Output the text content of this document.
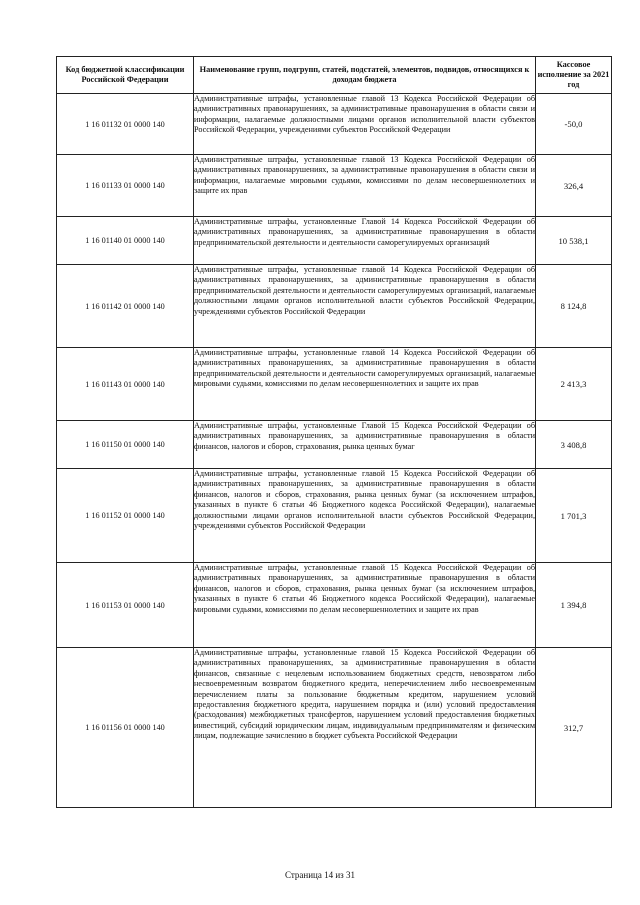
Код бюджетной классификации Российской Федерации	Наименование групп, подгрупп, статей, подстатей, элементов, подвидов, относящихся к доходам бюджета	Кассовое исполнение за 2021 год
1 16 01132 01 0000 140	Административные штрафы, установленные главой 13 Кодекса Российской Федерации об административных правонарушениях, за административные правонарушения в области связи и информации, налагаемые должностными лицами органов исполнительной власти субъектов Российской Федерации, учреждениями субъектов Российской Федерации	-50,0
1 16 01133 01 0000 140	Административные штрафы, установленные главой 13 Кодекса Российской Федерации об административных правонарушениях, за административные правонарушения в области связи и информации, налагаемые мировыми судьями, комиссиями по делам несовершеннолетних и защите их прав	326,4
1 16 01140 01 0000 140	Административные штрафы, установленные Главой 14 Кодекса Российской Федерации об административных правонарушениях, за административные правонарушения в области предпринимательской деятельности и деятельности саморегулируемых организаций	10 538,1
1 16 01142 01 0000 140	Административные штрафы, установленные главой 14 Кодекса Российской Федерации об административных правонарушениях, за административные правонарушения в области предпринимательской деятельности и деятельности саморегулируемых организаций, налагаемые должностными лицами органов исполнительной власти субъектов Российской Федерации, учреждениями субъектов Российской Федерации	8 124,8
1 16 01143 01 0000 140	Административные штрафы, установленные главой 14 Кодекса Российской Федерации об административных правонарушениях, за административные правонарушения в области предпринимательской деятельности и деятельности саморегулируемых организаций, налагаемые мировыми судьями, комиссиями по делам несовершеннолетних и защите их прав	2 413,3
1 16 01150 01 0000 140	Административные штрафы, установленные Главой 15 Кодекса Российской Федерации об административных правонарушениях, за административные правонарушения в области финансов, налогов и сборов, страхования, рынка ценных бумаг	3 408,8
1 16 01152 01 0000 140	Административные штрафы, установленные главой 15 Кодекса Российской Федерации об административных правонарушениях, за административные правонарушения в области финансов, налогов и сборов, страхования, рынка ценных бумаг (за исключением штрафов, указанных в пункте 6 статьи 46 Бюджетного кодекса Российской Федерации), налагаемые должностными лицами органов исполнительной власти субъектов Российской Федерации, учреждениями субъектов Российской Федерации	1 701,3
1 16 01153 01 0000 140	Административные штрафы, установленные главой 15 Кодекса Российской Федерации об административных правонарушениях, за административные правонарушения в области финансов, налогов и сборов, страхования, рынка ценных бумаг (за исключением штрафов, указанных в пункте 6 статьи 46 Бюджетного кодекса Российской Федерации), налагаемые мировыми судьями, комиссиями по делам несовершеннолетних и защите их прав	1 394,8
1 16 01156 01 0000 140	Административные штрафы, установленные главой 15 Кодекса Российской Федерации об административных правонарушениях, за административные правонарушения в области финансов, связанные с нецелевым использованием бюджетных средств, невозвратом либо несвоевременным возвратом бюджетного кредита, неперечислением либо несвоевременным перечислением платы за пользование бюджетным кредитом, нарушением условий предоставления бюджетного кредита, нарушением порядка и (или) условий предоставления (расходования) межбюджетных трансфертов, нарушением условий предоставления бюджетных инвестиций, субсидий юридическим лицам, индивидуальным предпринимателям и физическим лицам, подлежащие зачислению в бюджет субъекта Российской Федерации	312,7
Страница 14 из 31
